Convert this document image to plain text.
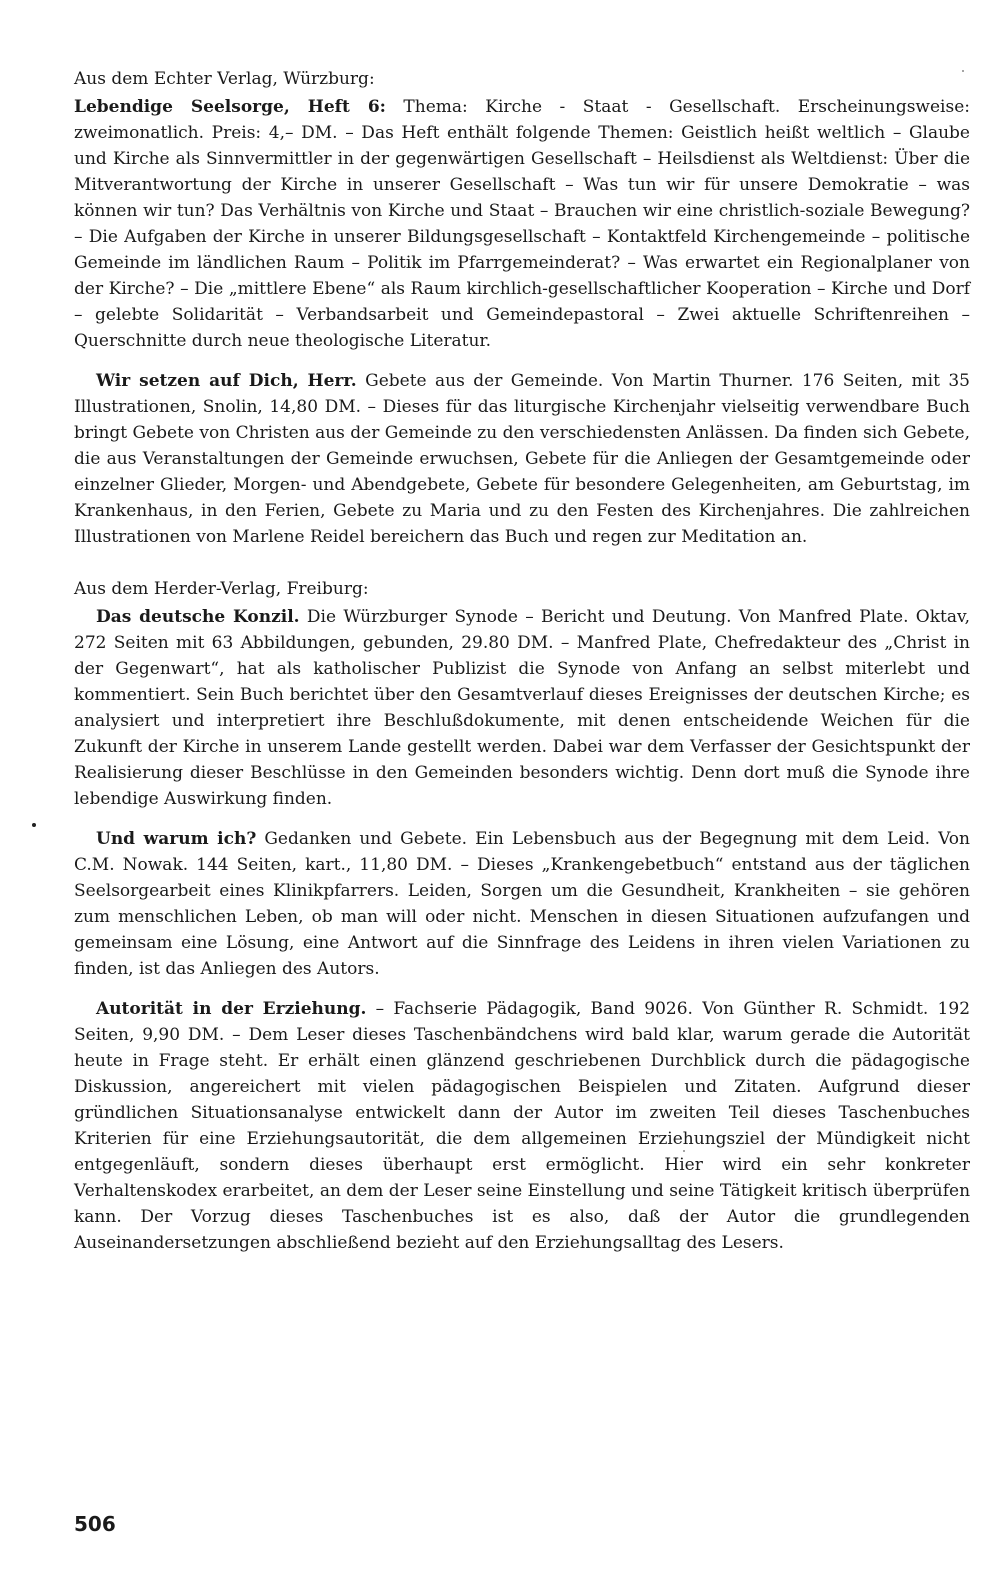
Aus dem Echter Verlag, Würzburg:

Lebendige Seelsorge, Heft 6: Thema: Kirche - Staat - Gesellschaft. Erscheinungsweise: zweimonatlich. Preis: 4,– DM. – Das Heft enthält folgende Themen: Geistlich heißt weltlich – Glaube und Kirche als Sinnvermittler in der gegenwärtigen Gesellschaft – Heilsdienst als Weltdienst: Über die Mitverantwortung der Kirche in unserer Gesellschaft – Was tun wir für unsere Demokratie – was können wir tun? Das Verhältnis von Kirche und Staat – Brauchen wir eine christlich-soziale Bewegung? – Die Aufgaben der Kirche in unserer Bildungsgesellschaft – Kontaktfeld Kirchengemeinde – politische Gemeinde im ländlichen Raum – Politik im Pfarrgemeinderat? – Was erwartet ein Regionalplaner von der Kirche? – Die „mittlere Ebene“ als Raum kirchlich-gesellschaftlicher Kooperation – Kirche und Dorf – gelebte Solidarität – Verbandsarbeit und Gemeindepastoral – Zwei aktuelle Schriftenreihen – Querschnitte durch neue theologische Literatur.

Wir setzen auf Dich, Herr. Gebete aus der Gemeinde. Von Martin Thurner. 176 Seiten, mit 35 Illustrationen, Snolin, 14,80 DM. – Dieses für das liturgische Kirchenjahr vielseitig verwendbare Buch bringt Gebete von Christen aus der Gemeinde zu den verschiedensten Anlässen. Da finden sich Gebete, die aus Veranstaltungen der Gemeinde erwuchsen, Gebete für die Anliegen der Gesamtgemeinde oder einzelner Glieder, Morgen- und Abendgebete, Gebete für besondere Gelegenheiten, am Geburtstag, im Krankenhaus, in den Ferien, Gebete zu Maria und zu den Festen des Kirchenjahres. Die zahlreichen Illustrationen von Marlene Reidel bereichern das Buch und regen zur Meditation an.

Aus dem Herder-Verlag, Freiburg:

Das deutsche Konzil. Die Würzburger Synode – Bericht und Deutung. Von Manfred Plate. Oktav, 272 Seiten mit 63 Abbildungen, gebunden, 29.80 DM. – Manfred Plate, Chefredakteur des „Christ in der Gegenwart“, hat als katholischer Publizist die Synode von Anfang an selbst miterlebt und kommentiert. Sein Buch berichtet über den Gesamtverlauf dieses Ereignisses der deutschen Kirche; es analysiert und interpretiert ihre Beschlußdokumente, mit denen entscheidende Weichen für die Zukunft der Kirche in unserem Lande gestellt werden. Dabei war dem Verfasser der Gesichtspunkt der Realisierung dieser Beschlüsse in den Gemeinden besonders wichtig. Denn dort muß die Synode ihre lebendige Auswirkung finden.

Und warum ich? Gedanken und Gebete. Ein Lebensbuch aus der Begegnung mit dem Leid. Von C.M. Nowak. 144 Seiten, kart., 11,80 DM. – Dieses „Krankengebetbuch“ entstand aus der täglichen Seelsorgearbeit eines Klinikpfarrers. Leiden, Sorgen um die Gesundheit, Krankheiten – sie gehören zum menschlichen Leben, ob man will oder nicht. Menschen in diesen Situationen aufzufangen und gemeinsam eine Lösung, eine Antwort auf die Sinnfrage des Leidens in ihren vielen Variationen zu finden, ist das Anliegen des Autors.

Autorität in der Erziehung. – Fachserie Pädagogik, Band 9026. Von Günther R. Schmidt. 192 Seiten, 9,90 DM. – Dem Leser dieses Taschenbändchens wird bald klar, warum gerade die Autorität heute in Frage steht. Er erhält einen glänzend geschriebenen Durchblick durch die pädagogische Diskussion, angereichert mit vielen pädagogischen Beispielen und Zitaten. Aufgrund dieser gründlichen Situationsanalyse entwickelt dann der Autor im zweiten Teil dieses Taschenbuches Kriterien für eine Erziehungsautorität, die dem allgemeinen Erziehungsziel der Mündigkeit nicht entgegenläuft, sondern dieses überhaupt erst ermöglicht. Hier wird ein sehr konkreter Verhaltenskodex erarbeitet, an dem der Leser seine Einstellung und seine Tätigkeit kritisch überprüfen kann. Der Vorzug dieses Taschenbuches ist es also, daß der Autor die grundlegenden Auseinandersetzungen abschließend bezieht auf den Erziehungsalltag des Lesers.

506
